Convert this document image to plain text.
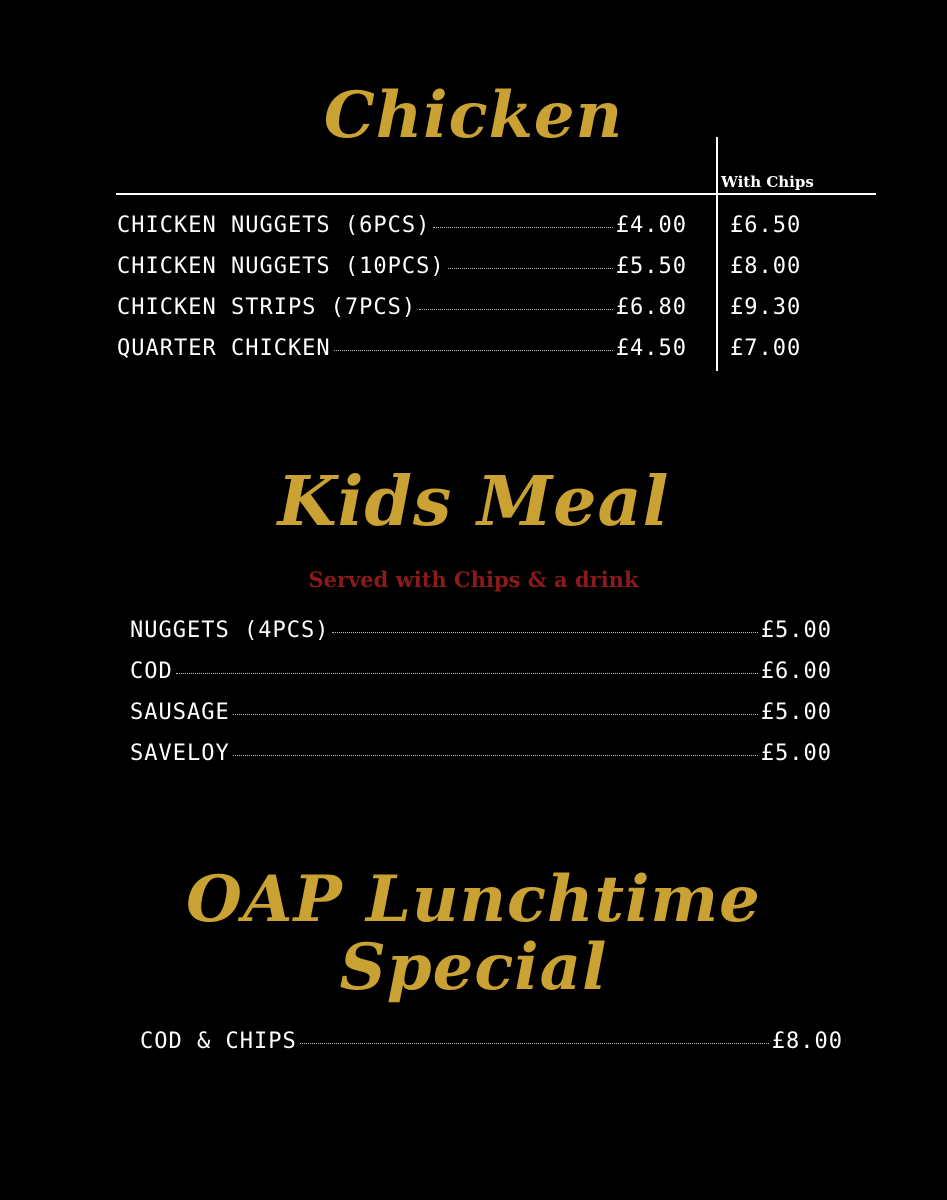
Chicken
With Chips
CHICKEN NUGGETS (6PCS)	£4.00 £6.50
CHICKEN NUGGETS (10PCS)	£5.50 £8.00
CHICKEN STRIPS (7PCS)	£6.80 £9.30
QUARTER CHICKEN	£4.50 £7.00
Kids Meal
Served with Chips & a drink
NUGGETS (4PCS)	£5.00
COD	£6.00
SAUSAGE	£5.00
SAVELOY	£5.00
OAP Lunchtime
Special
COD & CHIPS	£8.00
